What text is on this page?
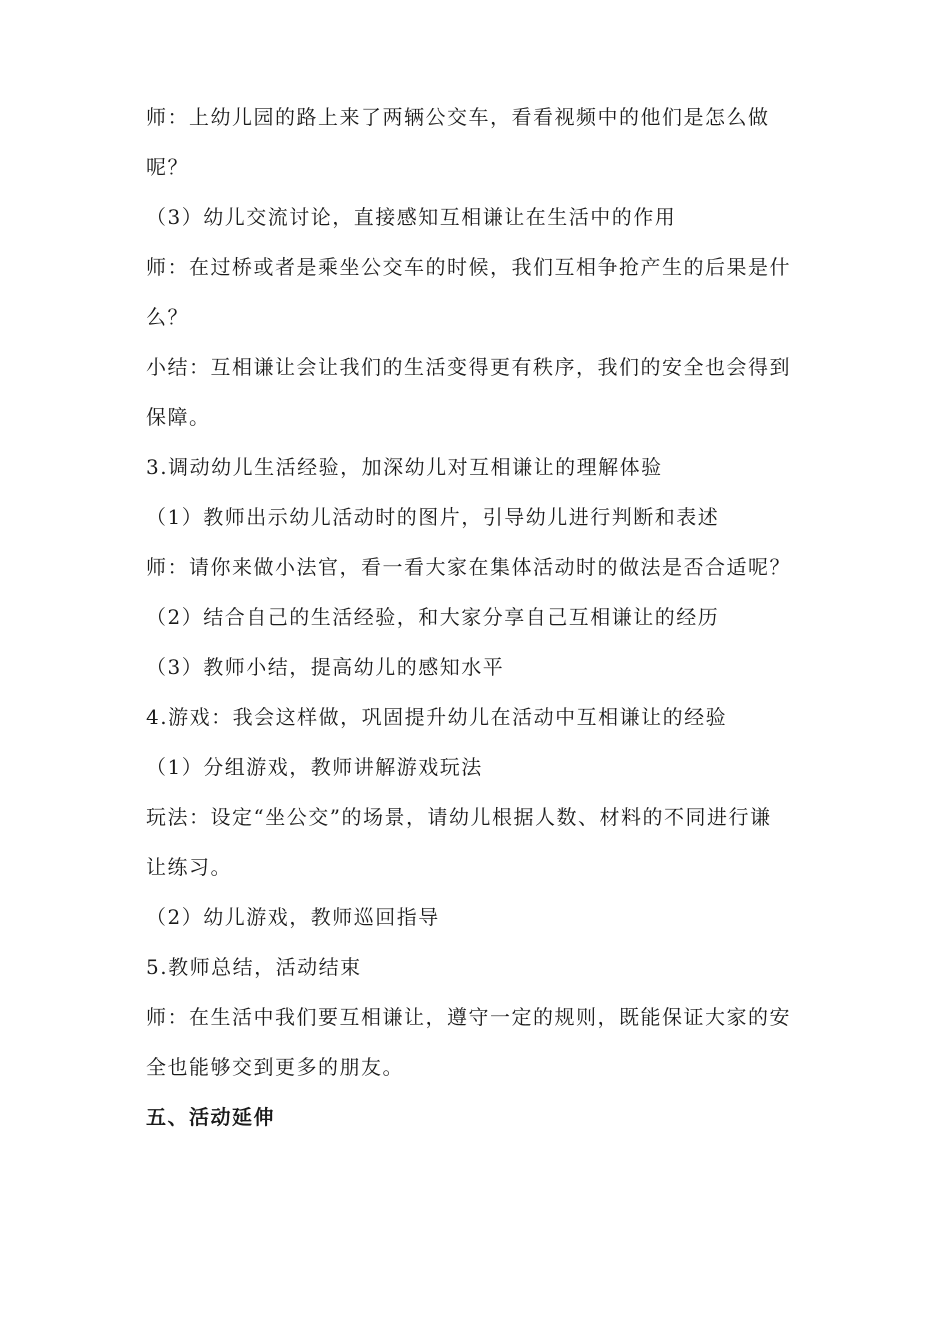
师：上幼儿园的路上来了两辆公交车，看看视频中的他们是怎么做
呢？
（3）幼儿交流讨论，直接感知互相谦让在生活中的作用
师：在过桥或者是乘坐公交车的时候，我们互相争抢产生的后果是什
么？
小结：互相谦让会让我们的生活变得更有秩序，我们的安全也会得到
保障。
3.调动幼儿生活经验，加深幼儿对互相谦让的理解体验
（1）教师出示幼儿活动时的图片，引导幼儿进行判断和表述
师：请你来做小法官，看一看大家在集体活动时的做法是否合适呢？
（2）结合自己的生活经验，和大家分享自己互相谦让的经历
（3）教师小结，提高幼儿的感知水平
4.游戏：我会这样做，巩固提升幼儿在活动中互相谦让的经验
（1）分组游戏，教师讲解游戏玩法
玩法：设定“坐公交”的场景，请幼儿根据人数、材料的不同进行谦
让练习。
（2）幼儿游戏，教师巡回指导
5.教师总结，活动结束
师：在生活中我们要互相谦让，遵守一定的规则，既能保证大家的安
全也能够交到更多的朋友。
五、活动延伸
